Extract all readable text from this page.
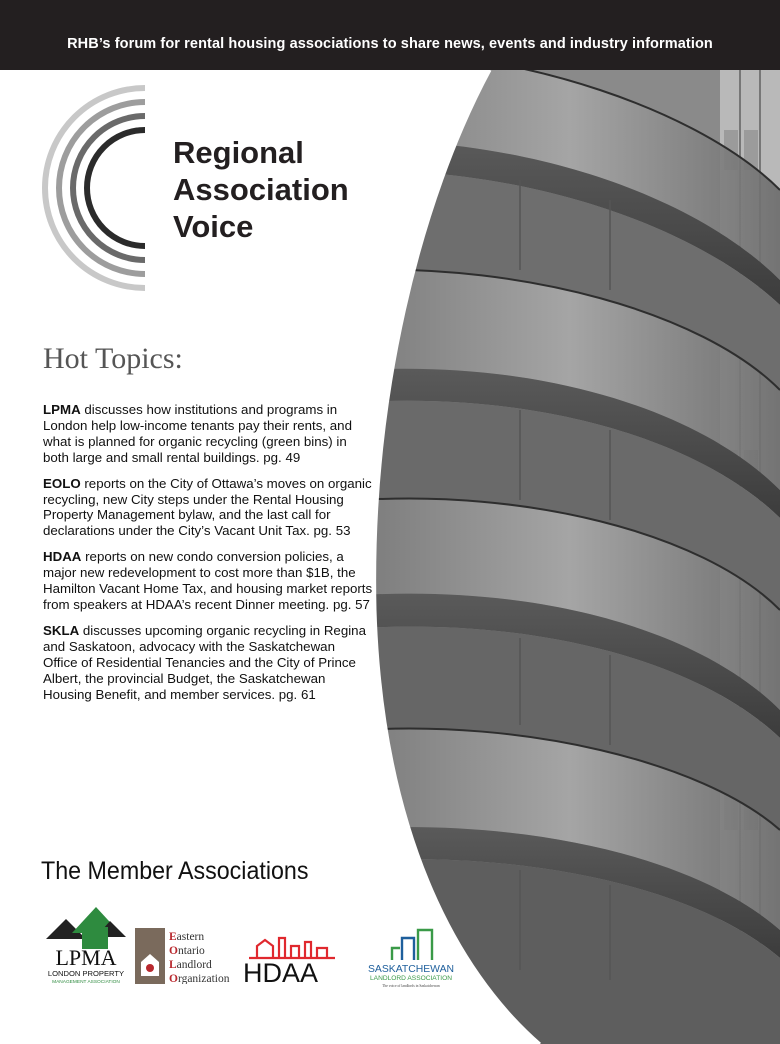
RHB’s forum for rental housing associations to share news, events and industry information
Regional
Association
Voice
Hot Topics:
LPMA discusses how institutions and programs in London help low-income tenants pay their rents, and what is planned for organic recycling (green bins) in both large and small rental buildings. pg. 49
EOLO reports on the City of Ottawa’s moves on organic recycling, new City steps under the Rental Housing Property Management bylaw, and the last call for declarations under the City’s Vacant Unit Tax. pg. 53
HDAA reports on new condo conversion policies, a major new redevelopment to cost more than $1B, the Hamilton Vacant Home Tax, and housing market reports from speakers at HDAA’s recent Dinner meeting. pg. 57
SKLA discusses upcoming organic recycling in Regina and Saskatoon, advocacy with the Saskatchewan Office of Residential Tenancies and the City of Prince Albert, the provincial Budget, the Saskatchewan Housing Benefit, and member services. pg. 61
The Member Associations
LPMA
LONDON PROPERTY
MANAGEMENT ASSOCIATION
Eastern
Ontario
Landlord
Organization HDAA	SASKATCHEWAN
LANDLORD ASSOCIATION
The voice of landlords in Saskatchewan
